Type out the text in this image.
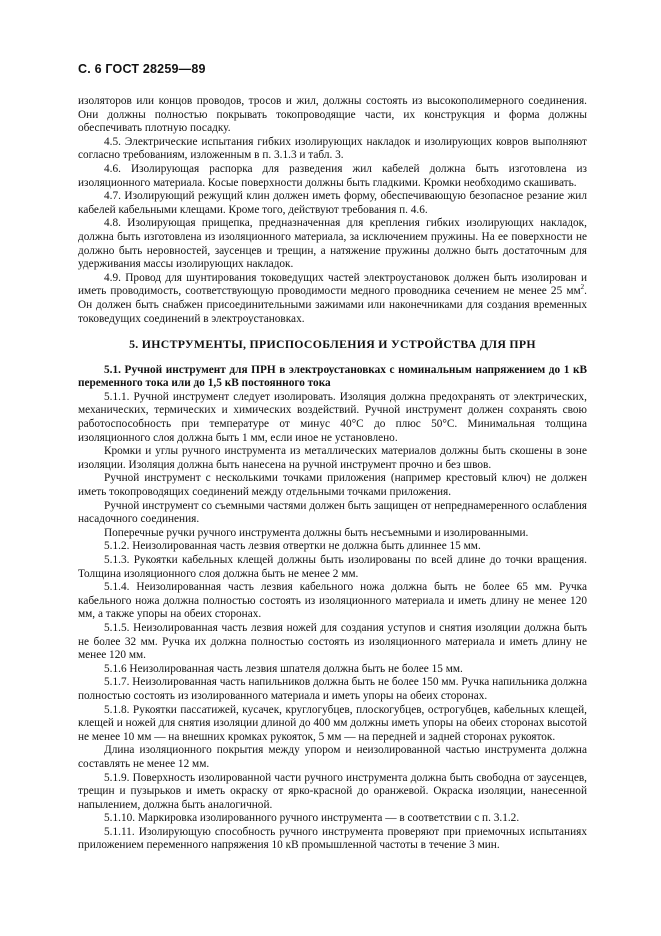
С. 6 ГОСТ 28259—89

изоляторов или концов проводов, тросов и жил, должны состоять из высокополимерного соединения. Они должны полностью покрывать токопроводящие части, их конструкция и форма должны обеспечивать плотную посадку.

4.5. Электрические испытания гибких изолирующих накладок и изолирующих ковров выполняют согласно требованиям, изложенным в п. 3.1.3 и табл. 3.

4.6. Изолирующая распорка для разведения жил кабелей должна быть изготовлена из изоляционного материала. Косые поверхности должны быть гладкими. Кромки необходимо скашивать.

4.7. Изолирующий режущий клин должен иметь форму, обеспечивающую безопасное резание жил кабелей кабельными клещами. Кроме того, действуют требования п. 4.6.

4.8. Изолирующая прищепка, предназначенная для крепления гибких изолирующих накладок, должна быть изготовлена из изоляционного материала, за исключением пружины. На ее поверхности не должно быть неровностей, заусенцев и трещин, а натяжение пружины должно быть достаточным для удерживания массы изолирующих накладок.

4.9. Провод для шунтирования токоведущих частей электроустановок должен быть изолирован и иметь проводимость, соответствующую проводимости медного проводника сечением не менее 25 $мм^2$. Он должен быть снабжен присоединительными зажимами или наконечниками для создания временных токоведущих соединений в электроустановках.

5. ИНСТРУМЕНТЫ, ПРИСПОСОБЛЕНИЯ И УСТРОЙСТВА ДЛЯ ПРН

5.1. Ручной инструмент для ПРН в электроустановках с номинальным напряжением до 1 кВ переменного тока или до 1,5 кВ постоянного тока

5.1.1. Ручной инструмент следует изолировать. Изоляция должна предохранять от электрических, механических, термических и химических воздействий. Ручной инструмент должен сохранять свою работоспособность при температуре от минус 40°С до плюс 50°С. Минимальная толщина изоляционного слоя должна быть 1 мм, если иное не установлено.

Кромки и углы ручного инструмента из металлических материалов должны быть скошены в зоне изоляции. Изоляция должна быть нанесена на ручной инструмент прочно и без швов.

Ручной инструмент с несколькими точками приложения (например крестовый ключ) не должен иметь токопроводящих соединений между отдельными точками приложения.

Ручной инструмент со съемными частями должен быть защищен от непреднамеренного ослабления насадочного соединения.

Поперечные ручки ручного инструмента должны быть несъемными и изолированными.

5.1.2. Неизолированная часть лезвия отвертки не должна быть длиннее 15 мм.

5.1.3. Рукоятки кабельных клещей должны быть изолированы по всей длине до точки вращения. Толщина изоляционного слоя должна быть не менее 2 мм.

5.1.4. Неизолированная часть лезвия кабельного ножа должна быть не более 65 мм. Ручка кабельного ножа должна полностью состоять из изоляционного материала и иметь длину не менее 120 мм, а также упоры на обеих сторонах.

5.1.5. Неизолированная часть лезвия ножей для создания уступов и снятия изоляции должна быть не более 32 мм. Ручка их должна полностью состоять из изоляционного материала и иметь длину не менее 120 мм.

5.1.6 Неизолированная часть лезвия шпателя должна быть не более 15 мм.

5.1.7. Неизолированная часть напильников должна быть не более 150 мм. Ручка напильника должна полностью состоять из изолированного материала и иметь упоры на обеих сторонах.

5.1.8. Рукоятки пассатижей, кусачек, круглогубцев, плоскогубцев, острогубцев, кабельных клещей, клещей и ножей для снятия изоляции длиной до 400 мм должны иметь упоры на обеих сторонах высотой не менее 10 мм — на внешних кромках рукояток, 5 мм — на передней и задней сторонах рукояток.

Длина изоляционного покрытия между упором и неизолированной частью инструмента должна составлять не менее 12 мм.

5.1.9. Поверхность изолированной части ручного инструмента должна быть свободна от заусенцев, трещин и пузырьков и иметь окраску от ярко-красной до оранжевой. Окраска изоляции, нанесенной напылением, должна быть аналогичной.

5.1.10. Маркировка изолированного ручного инструмента — в соответствии с п. 3.1.2.

5.1.11. Изолирующую способность ручного инструмента проверяют при приемочных испытаниях приложением переменного напряжения 10 кВ промышленной частоты в течение 3 мин.
